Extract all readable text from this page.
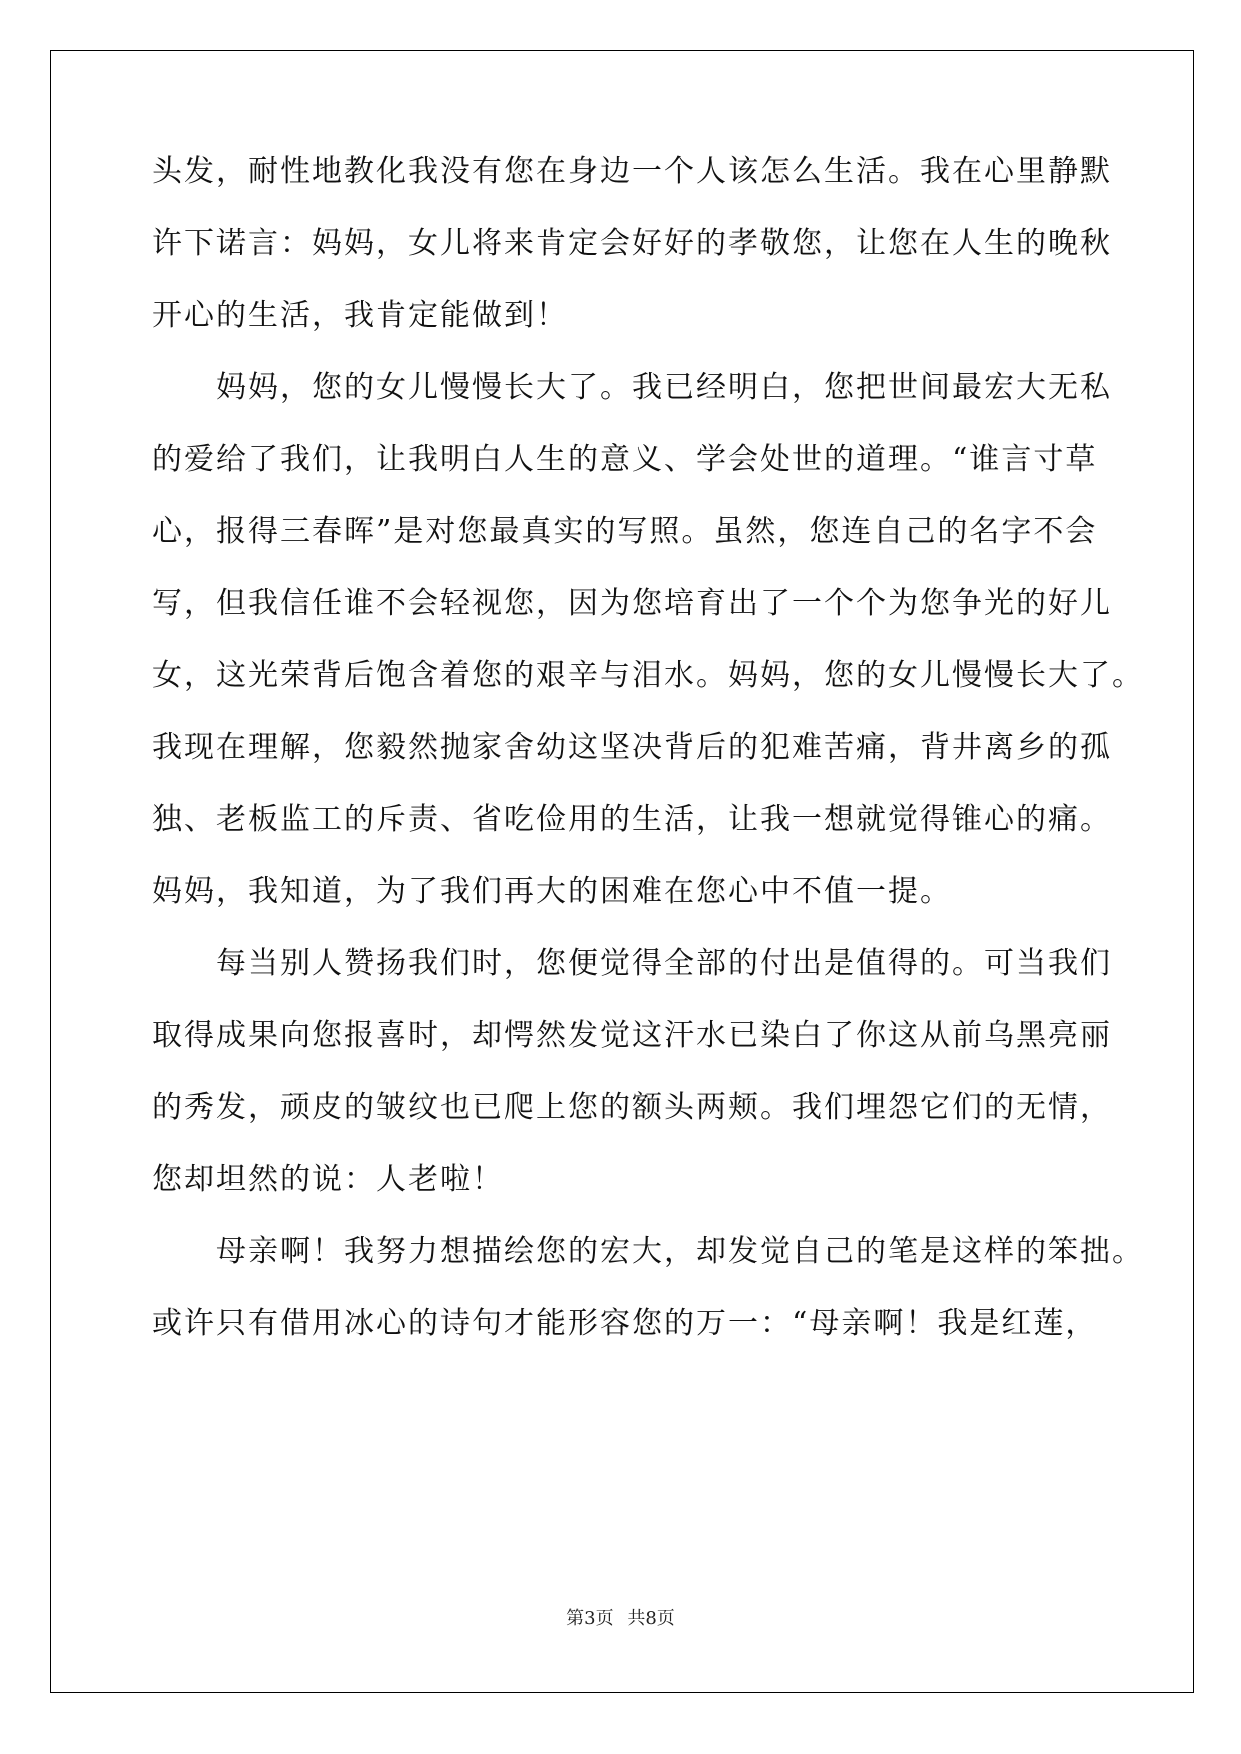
头发，耐性地教化我没有您在身边一个人该怎么生活。我在心里静默
许下诺言：妈妈，女儿将来肯定会好好的孝敬您，让您在人生的晚秋
开心的生活，我肯定能做到！
　　妈妈，您的女儿慢慢长大了。我已经明白，您把世间最宏大无私
的爱给了我们，让我明白人生的意义、学会处世的道理。“谁言寸草
心，报得三春晖”是对您最真实的写照。虽然，您连自己的名字不会
写，但我信任谁不会轻视您，因为您培育出了一个个为您争光的好儿
女，这光荣背后饱含着您的艰辛与泪水。妈妈，您的女儿慢慢长大了。
我现在理解，您毅然抛家舍幼这坚决背后的犯难苦痛，背井离乡的孤
独、老板监工的斥责、省吃俭用的生活，让我一想就觉得锥心的痛。
妈妈，我知道，为了我们再大的困难在您心中不值一提。
　　每当别人赞扬我们时，您便觉得全部的付出是值得的。可当我们
取得成果向您报喜时，却愕然发觉这汗水已染白了你这从前乌黑亮丽
的秀发，顽皮的皱纹也已爬上您的额头两颊。我们埋怨它们的无情，
您却坦然的说：人老啦！
　　母亲啊！我努力想描绘您的宏大，却发觉自己的笔是这样的笨拙。
或许只有借用冰心的诗句才能形容您的万一：“母亲啊！我是红莲，
第3页 共8页
